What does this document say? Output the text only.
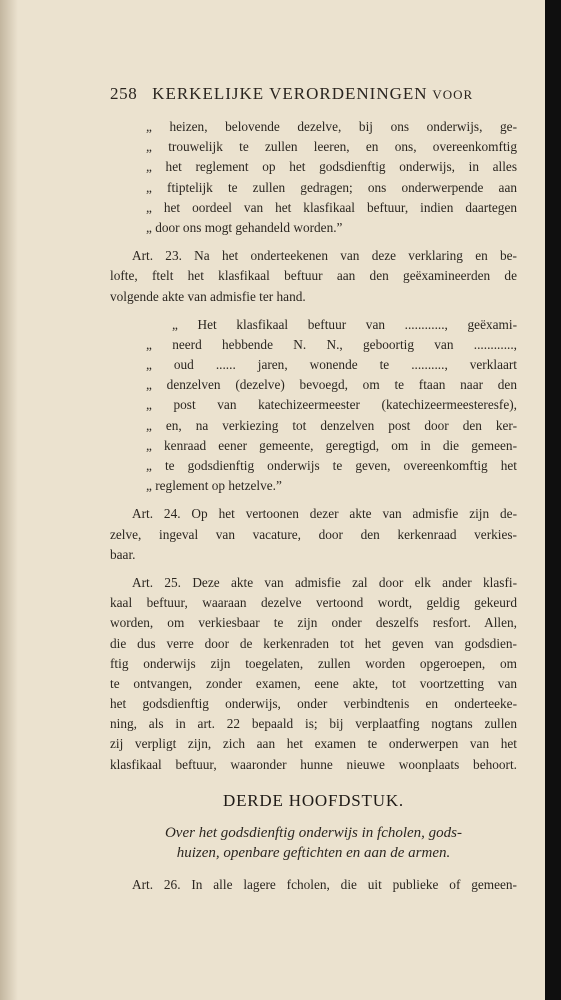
258 KERKELIJKE VERORDENINGEN VOOR
„ heizen, belovende dezelve, bij ons onderwijs, ge-
„ trouwelijk te zullen leeren, en ons, overeenkomftig
„ het reglement op het godsdienftig onderwijs, in alles
„ ftiptelijk te zullen gedragen; ons onderwerpende aan
„ het oordeel van het klasfikaal beftuur, indien daartegen
„ door ons mogt gehandeld worden.”
Art. 23. Na het onderteekenen van deze verklaring en be-
lofte, ftelt het klasfikaal beftuur aan den geëxamineerden de
volgende akte van admisfie ter hand.
„ Het klasfikaal beftuur van ............, geëxami-
„ neerd hebbende N. N., geboortig van ............,
„ oud ...... jaren, wonende te .........., verklaart
„ denzelven (dezelve) bevoegd, om te ftaan naar den
„ post van katechizeermeester (katechizeermeesteresfe),
„ en, na verkiezing tot denzelven post door den ker-
„ kenraad eener gemeente, geregtigd, om in die gemeen-
„ te godsdienftig onderwijs te geven, overeenkomftig het
„ reglement op hetzelve.”
Art. 24. Op het vertoonen dezer akte van admisfie zijn de-
zelve, ingeval van vacature, door den kerkenraad verkies-
baar.
Art. 25. Deze akte van admisfie zal door elk ander klasfi-
kaal beftuur, waaraan dezelve vertoond wordt, geldig gekeurd
worden, om verkiesbaar te zijn onder deszelfs resfort. Allen,
die dus verre door de kerkenraden tot het geven van godsdien-
ftig onderwijs zijn toegelaten, zullen worden opgeroepen, om
te ontvangen, zonder examen, eene akte, tot voortzetting van
het godsdienftig onderwijs, onder verbindtenis en onderteeke-
ning, als in art. 22 bepaald is; bij verplaatfing nogtans zullen
zij verpligt zijn, zich aan het examen te onderwerpen van het
klasfikaal beftuur, waaronder hunne nieuwe woonplaats behoort.
DERDE HOOFDSTUK.
Over het godsdienftig onderwijs in fcholen, gods-
huizen, openbare geftichten en aan de armen.
Art. 26. In alle lagere fcholen, die uit publieke of gemeen-
